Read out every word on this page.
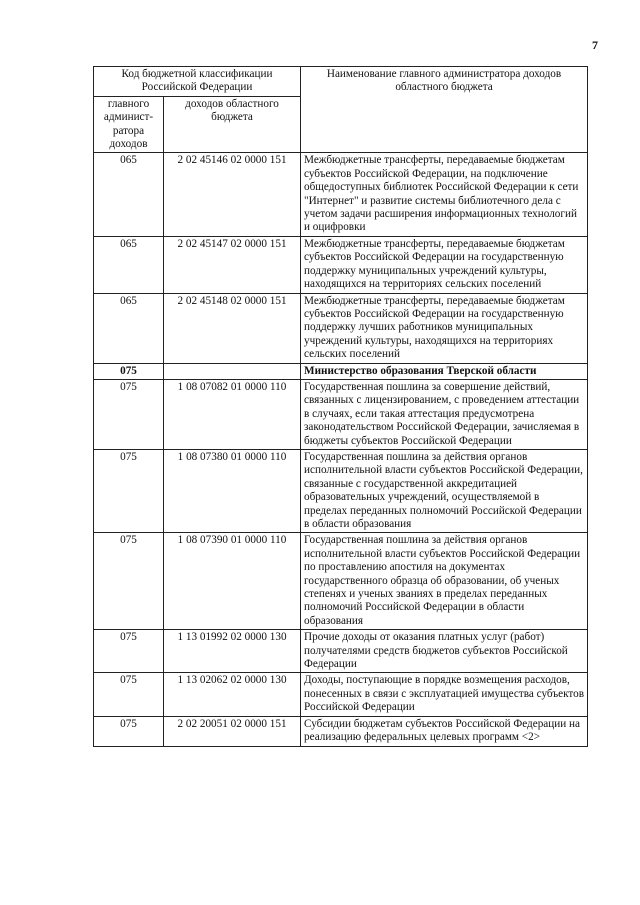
7
Код бюджетной классификации Российской Федерации		Наименование главного администратора доходов областного бюджета
главного админист-ратора доходов	доходов областного бюджета	
065	2 02 45146 02 0000 151	Межбюджетные трансферты, передаваемые бюджетам субъектов Российской Федерации, на подключение общедоступных библиотек Российской Федерации к сети "Интернет" и развитие системы библиотечного дела с учетом задачи расширения информационных технологий и оцифровки
065	2 02 45147 02 0000 151	Межбюджетные трансферты, передаваемые бюджетам субъектов Российской Федерации на государственную поддержку муниципальных учреждений культуры, находящихся на территориях сельских поселений
065	2 02 45148 02 0000 151	Межбюджетные трансферты, передаваемые бюджетам субъектов Российской Федерации на государственную поддержку лучших работников муниципальных учреждений культуры, находящихся на территориях сельских поселений
075		Министерство образования Тверской области
075	1 08 07082 01 0000 110	Государственная пошлина за совершение действий, связанных с лицензированием, с проведением аттестации в случаях, если такая аттестация предусмотрена законодательством Российской Федерации, зачисляемая в бюджеты субъектов Российской Федерации
075	1 08 07380 01 0000 110	Государственная пошлина за действия органов исполнительной власти субъектов Российской Федерации, связанные с государственной аккредитацией образовательных учреждений, осуществляемой в пределах переданных полномочий Российской Федерации в области образования
075	1 08 07390 01 0000 110	Государственная пошлина за действия органов исполнительной власти субъектов Российской Федерации по проставлению апостиля на документах государственного образца об образовании, об ученых степенях и ученых званиях в пределах переданных полномочий Российской Федерации в области образования
075	1 13 01992 02 0000 130	Прочие доходы от оказания платных услуг (работ) получателями средств бюджетов субъектов Российской Федерации
075	1 13 02062 02 0000 130	Доходы, поступающие в порядке возмещения расходов, понесенных в связи с эксплуатацией имущества субъектов Российской Федерации
075	2 02 20051 02 0000 151	Субсидии бюджетам субъектов Российской Федерации на реализацию федеральных целевых программ <2>
